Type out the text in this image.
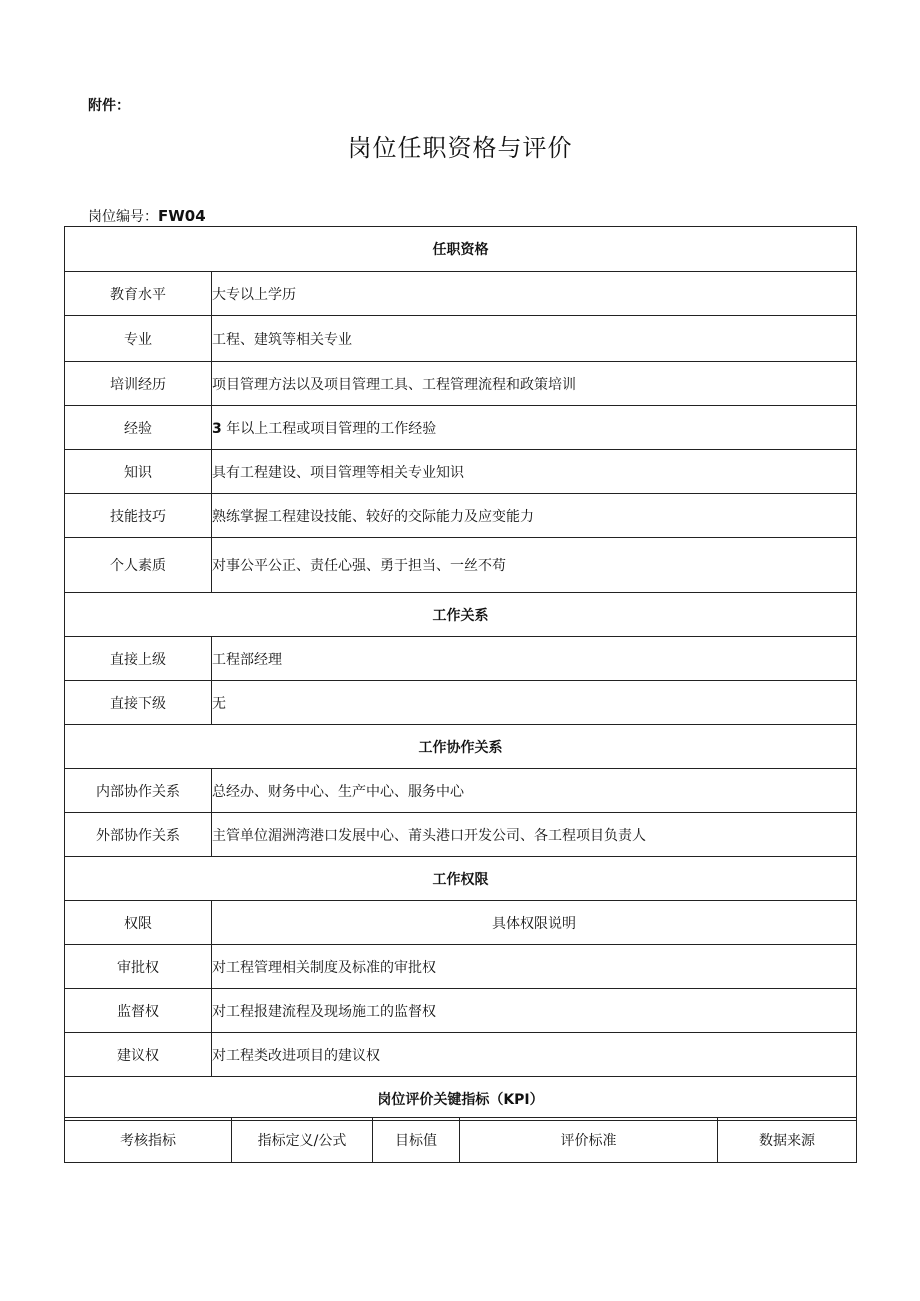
附件：
岗位任职资格与评价
岗位编号：FW04
任职资格	
教育水平	大专以上学历
专业	工程、建筑等相关专业
培训经历	项目管理方法以及项目管理工具、工程管理流程和政策培训
经验	3 年以上工程或项目管理的工作经验
知识	具有工程建设、项目管理等相关专业知识
技能技巧	熟练掌握工程建设技能、较好的交际能力及应变能力
个人素质	对事公平公正、责任心强、勇于担当、一丝不苟
工作关系	
直接上级	工程部经理
直接下级	无
工作协作关系	
内部协作关系	总经办、财务中心、生产中心、服务中心
外部协作关系	主管单位湄洲湾港口发展中心、莆头港口开发公司、各工程项目负责人
工作权限	
权限	具体权限说明
审批权	对工程管理相关制度及标准的审批权
监督权	对工程报建流程及现场施工的监督权
建议权	对工程类改进项目的建议权
岗位评价关键指标（KPI）	
考核指标	指标定义/公式	目标值	评价标准	数据来源
